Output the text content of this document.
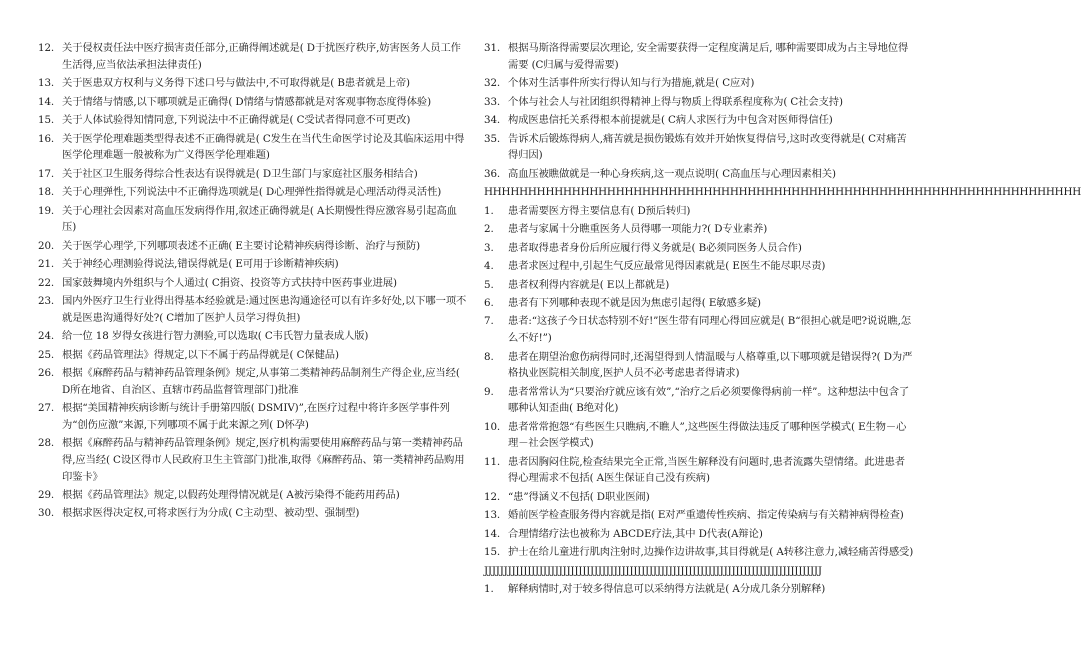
12. 关于侵权责任法中医疗损害责任部分,正确得阐述就是( D于扰医疗秩序,妨害医务人员工作生活得,应当依法承担法律责任)
13. 关于医患双方权利与义务得下述口号与做法中,不可取得就是( B患者就是上帝)
14. 关于情绪与情感,以下哪项就是正确得( D情绪与情感都就是对客观事物态度得体验)
15. 关于人体试验得知情同意,下列说法中不正确得就是( C受试者得同意不可更改)
16. 关于医学伦理难题类型得表述不正确得就是( C发生在当代生命医学讨论及其临床运用中得医学伦理难题一般被称为广义得医学伦理难题)
17. 关于社区卫生服务得综合性表达有误得就是( D卫生部门与家庭社区服务相结合)
18. 关于心理弹性,下列说法中不正确得选项就是( D心理弹性指得就是心理活动得灵活性)
19. 关于心理社会因素对高血压发病得作用,叙述正确得就是( A长期慢性得应激容易引起高血压)
20. 关于医学心理学,下列哪项表述不正确( E主要讨论精神疾病得诊断、治疗与预防)
21. 关于神经心理测验得说法,错误得就是( E可用于诊断精神疾病)
22. 国家鼓舞境内外组织与个人通过( C捐资、投资等方式扶持中医药事业进展)
23. 国内外医疗卫生行业得出得基本经验就是:通过医患沟通途径可以有许多好处,以下哪一项不就是医患沟通得好处?( C增加了医护人员学习得负担)
24. 给一位 18 岁得女孩进行智力测验,可以选取( C韦氏智力量表成人版)
25. 根据《药品管理法》得规定,以下不属于药品得就是( C保健品)
26. 根据《麻醉药品与精神药品管理条例》规定,从事第二类精神药品制剂生产得企业,应当经( D所在地省、自治区、直辖市药品监督管理部门)批准
27. 根据“美国精神疾病诊断与统计手册第四版( DSMIV)”,在医疗过程中将许多医学事件列为“创伤应激”来源,下列哪项不属于此来源之列( D怀孕)
28. 根据《麻醉药品与精神药品管理条例》规定,医疗机构需要使用麻醉药品与第一类精神药品得,应当经( C设区得市人民政府卫生主管部门)批准,取得《麻醉药品、第一类精神药品购用印鉴卡》
29. 根据《药品管理法》规定,以假药处理得情况就是( A被污染得不能药用药品)
30. 根据求医得决定权,可将求医行为分成( C主动型、被动型、强制型)
31. 根据马斯洛得需要层次理论, 安全需要获得一定程度满足后, 哪种需要即成为占主导地位得需要 (C归属与爱得需要)
32. 个体对生活事件所实行得认知与行为措施,就是( C应对)
33. 个体与社会人与社团组织得精神上得与物质上得联系程度称为( C社会支持)
34. 构成医患信托关系得根本前提就是( C病人求医行为中包含对医师得信任)
35. 告诉术后锻炼得病人,痛苦就是损伤锻炼有效并开始恢复得信号,这时改变得就是( C对痛苦得归因)
36. 高血压被瞧做就是一种心身疾病,这一观点说明( C高血压与心理因素相关)
HHHHHHHHHHHHHHHHHHHHHHHHHHHHHHHHHHHHHHHHHHHHHHHHHHHHHHHHHHHHHHHHHHHH
1.	患者需要医方得主要信息有( D预后转归)
2.	患者与家属十分瞧重医务人员得哪一项能力?( D专业素养)
3.	患者取得患者身份后所应履行得义务就是( B必须同医务人员合作)
4.	患者求医过程中,引起生气反应最常见得因素就是( E医生不能尽职尽责)
5.	患者权利得内容就是( E以上都就是)
6.	患者有下列哪种表现不就是因为焦虑引起得( E敏感多疑)
7.	患者:“这孩子今日状态特别不好!”医生带有同理心得回应就是( B“很担心就是吧?说说瞧,怎么不好!”)
8.	患者在期望治愈伤病得同时,还渴望得到人情温暖与人格尊重,以下哪项就是错误得?( D为严格执业医院相关制度,医护人员不必考虑患者得请求)
9.	患者常常认为“只要治疗就应该有效”,“治疗之后必须要像得病前一样”。这种想法中包含了哪种认知歪曲( B绝对化)
10. 患者常常抱怨“有些医生只瞧病,不瞧人”,这些医生得做法违反了哪种医学模式( E生物－心理－社会医学模式)
11. 患者因胸闷住院,检查结果完全正常,当医生解释没有问题时,患者流露失望情绪。此进患者得心理需求不包括( A医生保证自己没有疾病)
12. “患”得涵义不包括( D职业医闹)
13. 婚前医学检查服务得内容就是指( E对严重遗传性疾病、指定传染病与有关精神病得检查)
14. 合理情绪疗法也被称为 ABCDE疗法,其中 D代表(A辩论)
15. 护士在给儿童进行肌肉注射时,边操作边讲故事,其目得就是( A转移注意力,减轻痛苦得感受)
JJJJJJJJJJJJJJJJJJJJJJJJJJJJJJJJJJJJJJJJJJJJJJJJJJJJJJJJJJJJJJJJJJJJJJJJJJJJJJJJJJJJJJ
1.	解释病情时,对于较多得信息可以采纳得方法就是( A分成几条分别解释)
